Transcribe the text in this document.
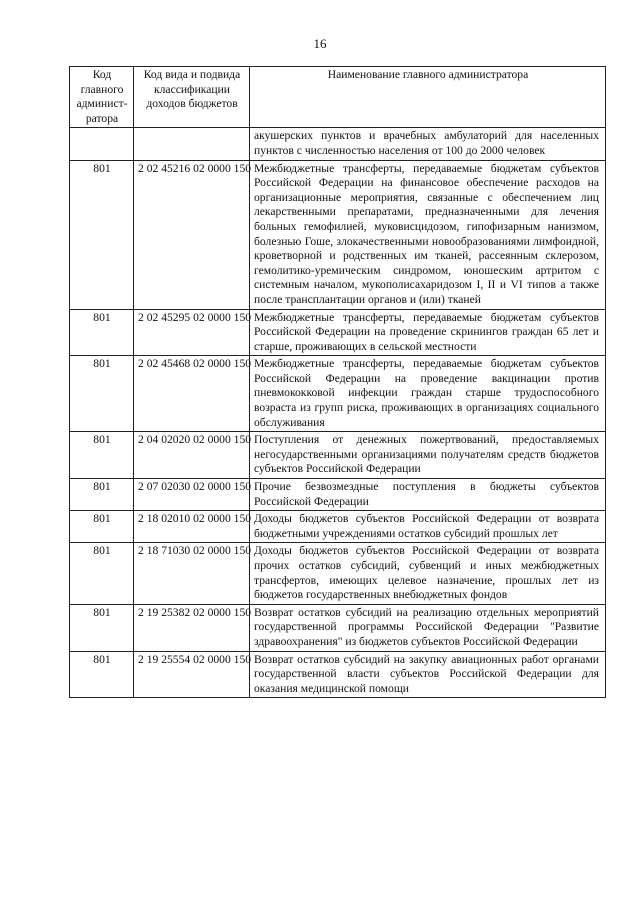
16
Код главного админист-ратора	Код вида и подвида классификации доходов бюджетов	Наименование главного администратора

		акушерских пунктов и врачебных амбулаторий для населенных пунктов с численностью населения от 100 до 2000 человек
801	2 02 45216 02 0000 150	Межбюджетные трансферты, передаваемые бюджетам субъектов Российской Федерации на финансовое обеспечение расходов на организационные мероприятия, связанные с обеспечением лиц лекарственными препаратами, предназначенными для лечения больных гемофилией, муковисцидозом, гипофизарным нанизмом, болезнью Гоше, злокачественными новообразованиями лимфоидной, кроветворной и родственных им тканей, рассеянным склерозом, гемолитико-уремическим синдромом, юношеским артритом с системным началом, мукополисахаридозом I, II и VI типов а также после трансплантации органов и (или) тканей
801	2 02 45295 02 0000 150	Межбюджетные трансферты, передаваемые бюджетам субъектов Российской Федерации на проведение скринингов граждан 65 лет и старше, проживающих в сельской местности
801	2 02 45468 02 0000 150	Межбюджетные трансферты, передаваемые бюджетам субъектов Российской Федерации на проведение вакцинации против пневмококковой инфекции граждан старше трудоспособного возраста из групп риска, проживающих в организациях социального обслуживания
801	2 04 02020 02 0000 150	Поступления от денежных пожертвований, предоставляемых негосударственными организациями получателям средств бюджетов субъектов Российской Федерации
801	2 07 02030 02 0000 150	Прочие безвозмездные поступления в бюджеты субъектов Российской Федерации
801	2 18 02010 02 0000 150	Доходы бюджетов субъектов Российской Федерации от возврата бюджетными учреждениями остатков субсидий прошлых лет
801	2 18 71030 02 0000 150	Доходы бюджетов субъектов Российской Федерации от возврата прочих остатков субсидий, субвенций и иных межбюджетных трансфертов, имеющих целевое назначение, прошлых лет из бюджетов государственных внебюджетных фондов
801	2 19 25382 02 0000 150	Возврат остатков субсидий на реализацию отдельных мероприятий государственной программы Российской Федерации "Развитие здравоохранения" из бюджетов субъектов Российской Федерации
801	2 19 25554 02 0000 150	Возврат остатков субсидий на закупку авиационных работ органами государственной власти субъектов Российской Федерации для оказания медицинской помощи
